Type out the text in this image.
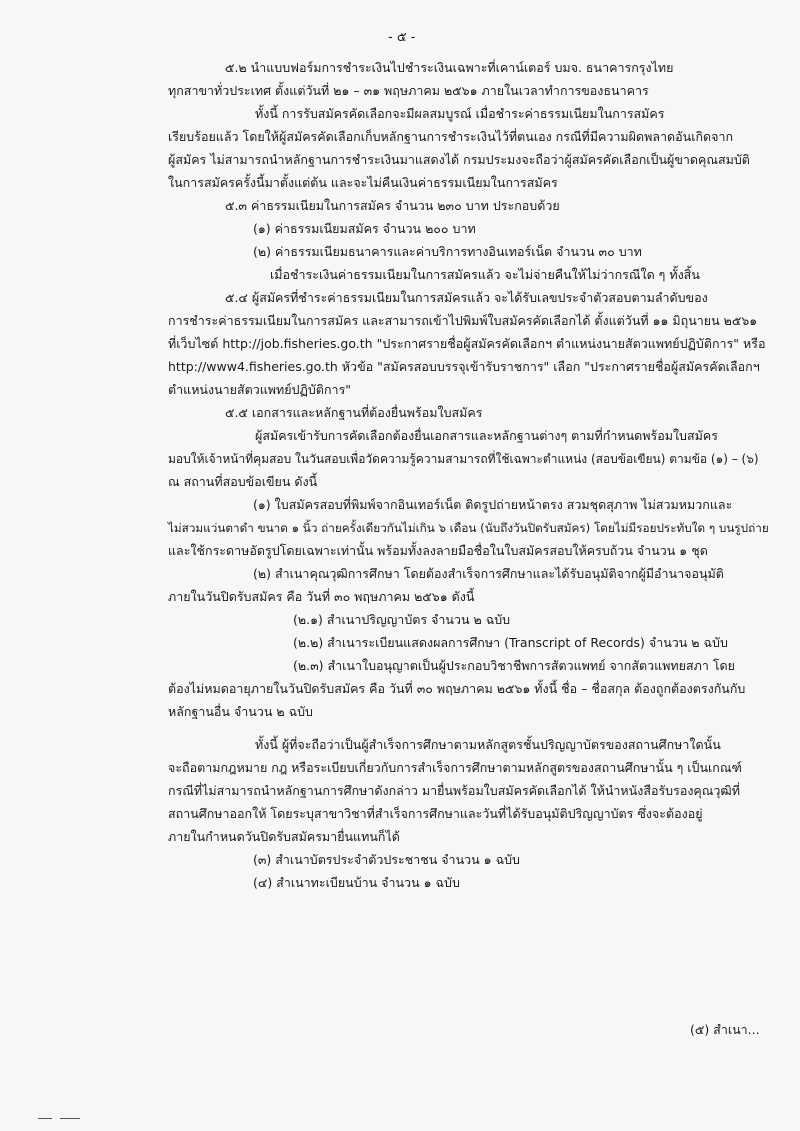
- ๕ -
๕.๒ นำแบบฟอร์มการชำระเงินไปชำระเงินเฉพาะที่เคาน์เตอร์ บมจ. ธนาคารกรุงไทย
ทุกสาขาทั่วประเทศ ตั้งแต่วันที่ ๒๑ – ๓๑ พฤษภาคม ๒๕๖๑ ภายในเวลาทำการของธนาคาร
ทั้งนี้ การรับสมัครคัดเลือกจะมีผลสมบูรณ์ เมื่อชำระค่าธรรมเนียมในการสมัคร
เรียบร้อยแล้ว โดยให้ผู้สมัครคัดเลือกเก็บหลักฐานการชำระเงินไว้ที่ตนเอง กรณีที่มีความผิดพลาดอันเกิดจาก
ผู้สมัคร ไม่สามารถนำหลักฐานการชำระเงินมาแสดงได้ กรมประมงจะถือว่าผู้สมัครคัดเลือกเป็นผู้ขาดคุณสมบัติ
ในการสมัครครั้งนี้มาตั้งแต่ต้น และจะไม่คืนเงินค่าธรรมเนียมในการสมัคร
๕.๓ ค่าธรรมเนียมในการสมัคร จำนวน ๒๓๐ บาท ประกอบด้วย
(๑) ค่าธรรมเนียมสมัคร จำนวน ๒๐๐ บาท
(๒) ค่าธรรมเนียมธนาคารและค่าบริการทางอินเทอร์เน็ต จำนวน ๓๐ บาท
เมื่อชำระเงินค่าธรรมเนียมในการสมัครแล้ว จะไม่จ่ายคืนให้ไม่ว่ากรณีใด ๆ ทั้งสิ้น
๕.๔ ผู้สมัครที่ชำระค่าธรรมเนียมในการสมัครแล้ว จะได้รับเลขประจำตัวสอบตามลำดับของ
การชำระค่าธรรมเนียมในการสมัคร และสามารถเข้าไปพิมพ์ใบสมัครคัดเลือกได้ ตั้งแต่วันที่ ๑๑ มิถุนายน ๒๕๖๑
ที่เว็บไซต์ http://job.fisheries.go.th "ประกาศรายชื่อผู้สมัครคัดเลือกฯ ตำแหน่งนายสัตวแพทย์ปฏิบัติการ" หรือ
http://www4.fisheries.go.th หัวข้อ "สมัครสอบบรรจุเข้ารับราชการ" เลือก "ประกาศรายชื่อผู้สมัครคัดเลือกฯ
ตำแหน่งนายสัตวแพทย์ปฏิบัติการ"
๕.๕ เอกสารและหลักฐานที่ต้องยื่นพร้อมใบสมัคร
ผู้สมัครเข้ารับการคัดเลือกต้องยื่นเอกสารและหลักฐานต่างๆ ตามที่กำหนดพร้อมใบสมัคร
มอบให้เจ้าหน้าที่คุมสอบ ในวันสอบเพื่อวัดความรู้ความสามารถที่ใช้เฉพาะตำแหน่ง (สอบข้อเขียน) ตามข้อ (๑) – (๖)
ณ สถานที่สอบข้อเขียน ดังนี้
(๑) ใบสมัครสอบที่พิมพ์จากอินเทอร์เน็ต ติดรูปถ่ายหน้าตรง สวมชุดสุภาพ ไม่สวมหมวกและ
ไม่สวมแว่นตาดำ ขนาด ๑ นิ้ว ถ่ายครั้งเดียวกันไม่เกิน ๖ เดือน (นับถึงวันปิดรับสมัคร) โดยไม่มีรอยประทับใด ๆ บนรูปถ่าย
และใช้กระดาษอัดรูปโดยเฉพาะเท่านั้น พร้อมทั้งลงลายมือชื่อในใบสมัครสอบให้ครบถ้วน จำนวน ๑ ชุด
(๒) สำเนาคุณวุฒิการศึกษา โดยต้องสำเร็จการศึกษาและได้รับอนุมัติจากผู้มีอำนาจอนุมัติ
ภายในวันปิดรับสมัคร คือ วันที่ ๓๐ พฤษภาคม ๒๕๖๑ ดังนี้
(๒.๑) สำเนาปริญญาบัตร จำนวน ๒ ฉบับ
(๒.๒) สำเนาระเบียนแสดงผลการศึกษา (Transcript of Records) จำนวน ๒ ฉบับ
(๒.๓) สำเนาใบอนุญาตเป็นผู้ประกอบวิชาชีพการสัตวแพทย์ จากสัตวแพทยสภา โดย
ต้องไม่หมดอายุภายในวันปิดรับสมัคร คือ วันที่ ๓๐ พฤษภาคม ๒๕๖๑ ทั้งนี้ ชื่อ – ชื่อสกุล ต้องถูกต้องตรงกันกับ
หลักฐานอื่น จำนวน ๒ ฉบับ
ทั้งนี้ ผู้ที่จะถือว่าเป็นผู้สำเร็จการศึกษาตามหลักสูตรชั้นปริญญาบัตรของสถานศึกษาใดนั้น
จะถือตามกฎหมาย กฎ หรือระเบียบเกี่ยวกับการสำเร็จการศึกษาตามหลักสูตรของสถานศึกษานั้น ๆ เป็นเกณฑ์
กรณีที่ไม่สามารถนำหลักฐานการศึกษาดังกล่าว มายื่นพร้อมใบสมัครคัดเลือกได้ ให้นำหนังสือรับรองคุณวุฒิที่
สถานศึกษาออกให้ โดยระบุสาขาวิชาที่สำเร็จการศึกษาและวันที่ได้รับอนุมัติปริญญาบัตร ซึ่งจะต้องอยู่
ภายในกำหนดวันปิดรับสมัครมายื่นแทนก็ได้
(๓) สำเนาบัตรประจำตัวประชาชน จำนวน ๑ ฉบับ
(๔) สำเนาทะเบียนบ้าน จำนวน ๑ ฉบับ
(๕) สำเนา...
